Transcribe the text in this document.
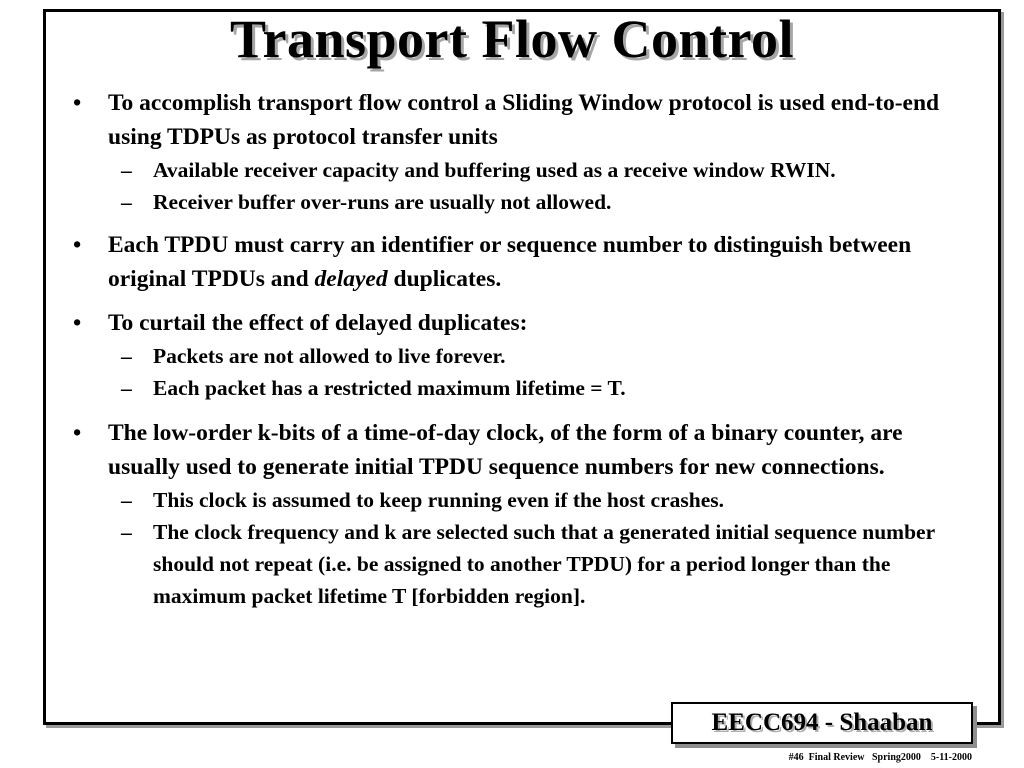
Transport Flow Control
• To accomplish transport flow control a Sliding Window protocol is used end-to-end using TDPUs as protocol transfer units
– Available receiver capacity and buffering used as a receive window RWIN.
– Receiver buffer over-runs are usually not allowed.
• Each TPDU must carry an identifier or sequence number to distinguish between original TPDUs and delayed duplicates.
• To curtail the effect of delayed duplicates:
– Packets are not allowed to live forever.
– Each packet has a restricted maximum lifetime = T.
• The low-order k-bits of a time-of-day clock, of the form of a binary counter, are usually used to generate initial TPDU sequence numbers for new connections.
– This clock is assumed to keep running even if the host crashes.
– The clock frequency and k are selected such that a generated initial sequence number should not repeat (i.e. be assigned to another TPDU) for a period longer than the maximum packet lifetime T [forbidden region].
EECC694 - Shaaban
#46  Final Review   Spring2000    5-11-2000
